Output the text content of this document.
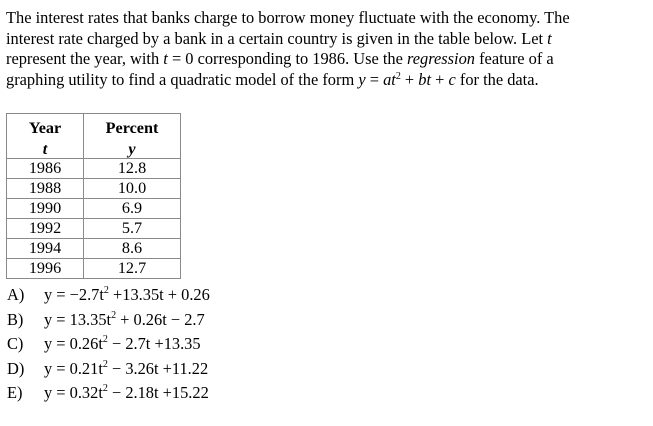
The interest rates that banks charge to borrow money fluctuate with the economy. The
interest rate charged by a bank in a certain country is given in the table below. Let t
represent the year, with t = 0 corresponding to 1986. Use the regression feature of a
graphing utility to find a quadratic model of the form $y = at^2$ + bt + c for the data.
Year	Percent
t	y
1986	12.8
1988	10.0
1990	6.9
1992	5.7
1994	8.6
1996	12.7
A) $y = -2.7t^2 +13.35t + 0.26$
B) $y = 13.35t^2 + 0.26t - 2.7$
C) $y = 0.26t^2 - 2.7t +13.35$
D) $y = 0.21t^2 - 3.26t +11.22$
E) $y = 0.32t^2 - 2.18t +15.22$
